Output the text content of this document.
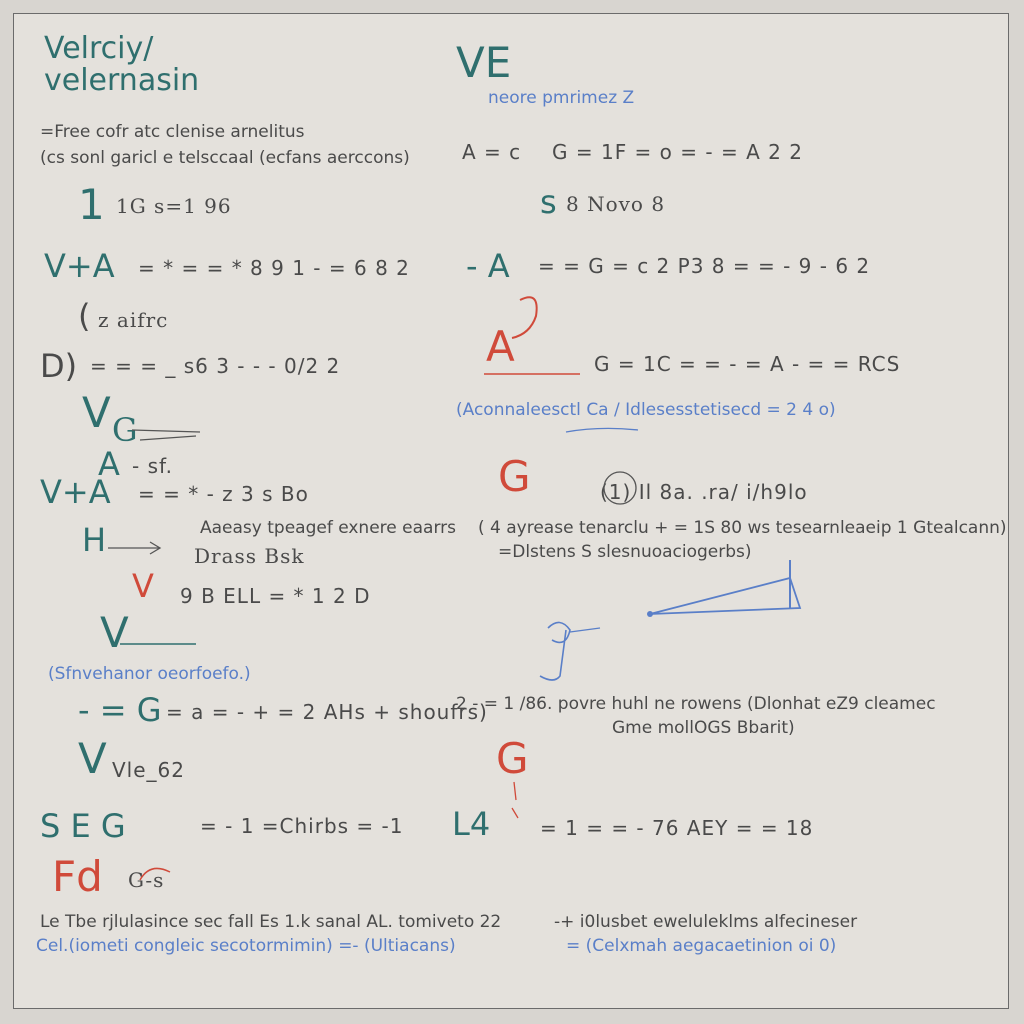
Velrciy/
velernasin
=Free cofr atc clenise arnelitus
(cs sonl garicl e telsccaal (ecfans aerccons)
1 1G s=1 96
V+A = * = = * 8 9 1 - = 6 8 2
( z aifrc
D) = = = _ s6 3 - - - 0/2 2
V G
A - sf.
V+A = = * - z 3 s Bo
H	Drass Bsk
Aaeasy tpeagef exnere eaarrs
V 9 B ELL = * 1 2 D
V
(Sfnvehanor oeorfoefo.)
- = G = a = - + = 2 AHs + shoufrs)
V Vle_62
S E G	= - 1 =Chirbs = -1
Fd G-s
Le Tbe rjlulasince sec fall Es 1.k sanal AL. tomiveto 22
Cel.(iometi congleic secotormimin) =- (Ultiacans)
VE
neore pmrimez Z
A = c G = 1F = o = - = A 2 2
s 8 Novo 8
- A = = G = c 2 P3 8 = = - 9 - 6 2
A	G = 1C = = - = A - = = RCS
(Aconnaleesctl Ca / Idlesesstetisecd = 2 4 o)
G	(1) Il 8a. .ra/ i/h9lo
( 4 ayrease tenarclu + = 1S 80 ws tesearnleaeip 1 Gtealcann)
=Dlstens S slesnuoaciogerbs)
2 - = 1 /86. povre huhl ne rowens (Dlonhat eZ9 cleamec
Gme mollOGS Bbarit)
G
L4 = 1 = = - 76 AEY = = 18
-+ i0lusbet eweluleklms alfecineser
= (Celxmah aegacaetinion oi 0)
